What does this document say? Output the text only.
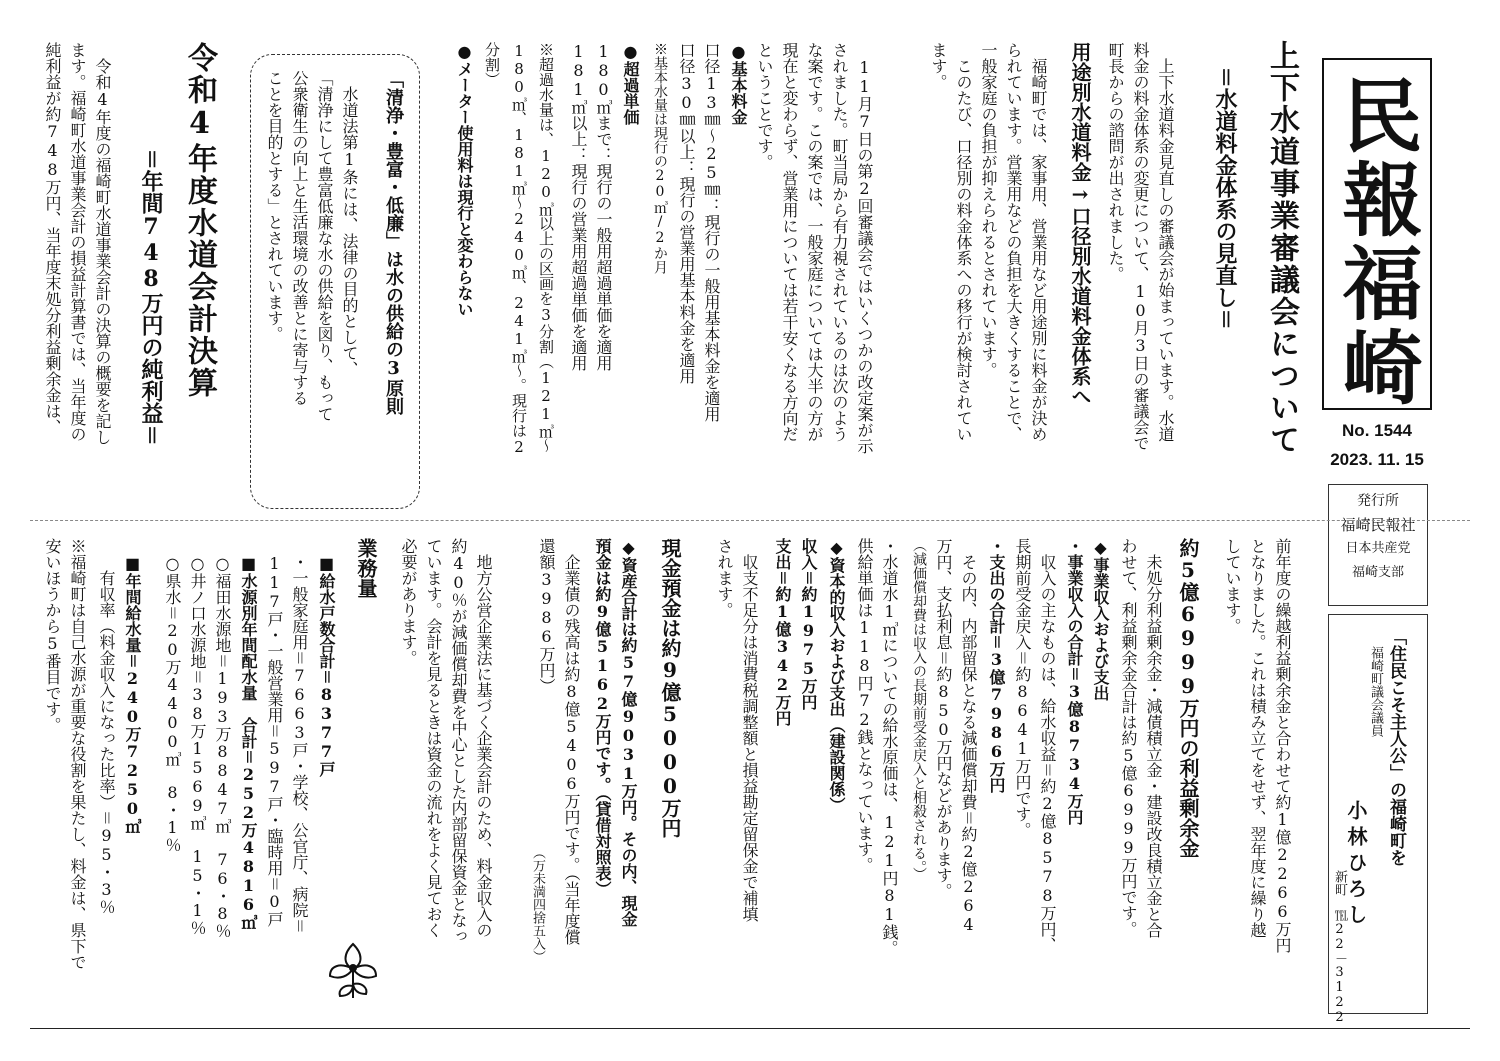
民報福崎
No. 1544
2023. 11. 15
発行所
福崎民報社
日本共産党
福崎支部
「住民こそ主人公」の福崎町を
福崎町議会議員
小林ひろし
新町　℡22－3122
上下水道事業審議会について
＝水道料金体系の見直し＝
　上下水道料金見直しの審議会が始まっています。水道
料金の料金体系の変更について、10月3日の審議会で
町長からの諮問が出されました。
用途別水道料金→口径別水道料金体系へ
　福崎町では、家事用、営業用など用途別に料金が決め
られています。営業用などの負担を大きくすることで、
一般家庭の負担が抑えられるとされています。
　このたび、口径別の料金体系への移行が検討されてい
ます。
　11月7日の第2回審議会ではいくつかの改定案が示
されました。町当局から有力視されているのは次のよう
な案です。この案では、一般家庭については大半の方が
現在と変わらず、営業用については若干安くなる方向だ
ということです。
●基本料金
口径13㎜～25㎜：現行の一般用基本料金を適用
口径30㎜以上：現行の営業用基本料金を適用
※基本水量は現行の20㎥/2か月
●超過単価
180㎥まで：現行の一般用超過単価を適用
181㎥以上：現行の営業用超過単価を適用
※超過水量は、120㎥以上の区画を3分割（121㎥～
180㎥、181㎥～240㎥、241㎥～。現行は2
分割）
●メーター使用料は現行と変わらない
「清浄・豊富・低廉」は水の供給の3原則
　水道法第1条には、法律の目的として、
「清浄にして豊富低廉な水の供給を図り、もって
公衆衛生の向上と生活環境の改善とに寄与する
ことを目的とする」とされています。
令和4年度水道会計決算
＝年間748万円の純利益＝
　令和4年度の福崎町水道事業会計の決算の概要を記し
ます。福崎町水道事業会計の損益計算書では、当年度の
純利益が約748万円、当年度末処分利益剰余金は、
前年度の繰越利益剰余金と合わせて約1億2266万円
となりました。これは積み立てをせず、翌年度に繰り越
しています。
約5億6999万円の利益剰余金
　未処分利益剰余金・減債積立金・建設改良積立金と合
わせて、利益剰余金合計は約5億6999万円です。
◆事業収入および支出
・事業収入の合計＝3億8734万円
　収入の主なものは、給水収益＝約2億8578万円、
長期前受金戻入＝約8641万円です。
・支出の合計＝3億7986万円
　その内、内部留保となる減価償却費＝約2億264
万円、支払利息＝約850万円などがあります。
（減価償却費は収入の長期前受金戻入と相殺される。）
・水道水1㎥についての給水原価は、121円81銭。
供給単価は118円72銭となっています。
◆資本的収入および支出（建設関係）
収入＝約1975万円
支出＝約1億342万円
　収支不足分は消費税調整額と損益勘定留保金で補填
されます。
現金預金は約9億5000万円
◆資産合計は約57億9031万円。その内、現金
預金は約9億5162万円です。（貸借対照表）
　企業債の残高は約8億5406万円です。（当年度償
還額3986万円）
（万未満四捨五入）
　地方公営企業法に基づく企業会計のため、料金収入の
約40％が減価償却費を中心とした内部留保資金となっ
ています。会計を見るときは資金の流れをよく見ておく
必要があります。
業務量
■給水戸数合計＝8377戸
・一般家庭用＝7663戸・学校、公官庁、病院＝
117戸・一般営業用＝597戸・臨時用＝0戸
■水源別年間配水量　合計＝252万4816㎥
○福田水源地＝193万8847㎥　76・8％
○井ノ口水源地＝38万1569㎥　15・1％
○県水＝20万4400㎥　8・1％
■年間給水量＝240万7250㎥
　有収率（料金収入になった比率）＝95・3％
※福崎町は自己水源が重要な役割を果たし、料金は、県下で
安いほうから5番目です。
